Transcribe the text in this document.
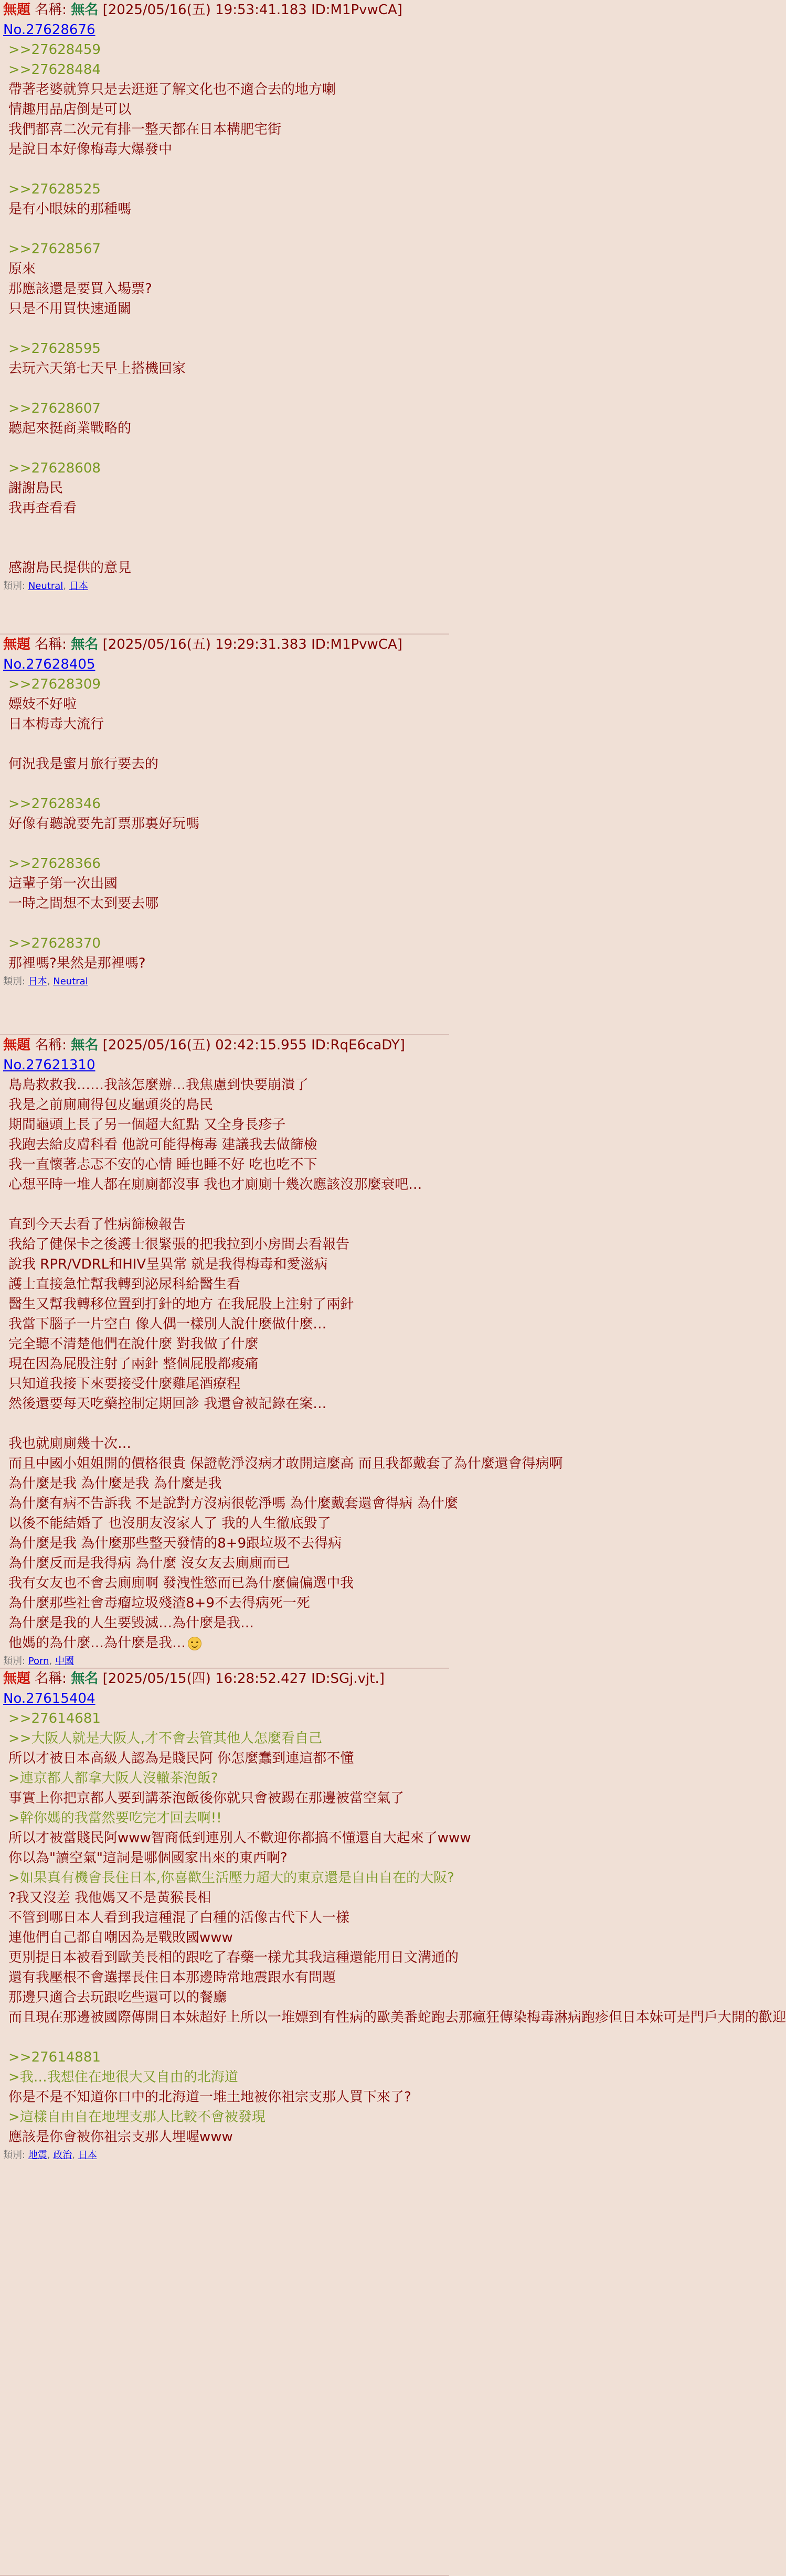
無題 名稱: 無名 [2025/05/16(五) 19:53:41.183 ID:M1PvwCA]
No.27628676
>>27628459
>>27628484
帶著老婆就算只是去逛逛了解文化也不適合去的地方喇
情趣用品店倒是可以
我們都喜二次元有排一整天都在日本構肥宅街
是說日本好像梅毒大爆發中
>>27628525
是有小眼妹的那種嗎
>>27628567
原來
那應該還是要買入場票?
只是不用買快速通關
>>27628595
去玩六天第七天早上搭機回家
>>27628607
聽起來挺商業戰略的
>>27628608
謝謝島民
我再查看看
感謝島民提供的意見
類別: Neutral, 日本
無題 名稱: 無名 [2025/05/16(五) 19:29:31.383 ID:M1PvwCA]
No.27628405
>>27628309
嫖妓不好啦
日本梅毒大流行
何況我是蜜月旅行要去的
>>27628346
好像有聽說要先訂票那裏好玩嗎
>>27628366
這輩子第一次出國
一時之間想不太到要去哪
>>27628370
那裡嗎?果然是那裡嗎?
類別: 日本, Neutral
無題 名稱: 無名 [2025/05/16(五) 02:42:15.955 ID:RqE6caDY]
No.27621310
島島救救我……我該怎麼辦…我焦慮到快要崩潰了
我是之前廁廁得包皮龜頭炎的島民
期間龜頭上長了另一個超大紅點 又全身長疹子
我跑去給皮膚科看 他說可能得梅毒 建議我去做篩檢
我一直懷著忐忑不安的心情 睡也睡不好 吃也吃不下
心想平時一堆人都在廁廁都沒事 我也才廁廁十幾次應該沒那麼衰吧…
直到今天去看了性病篩檢報告
我給了健保卡之後護士很緊張的把我拉到小房間去看報告
說我 RPR/VDRL和HIV呈異常 就是我得梅毒和愛滋病
護士直接急忙幫我轉到泌尿科給醫生看
醫生又幫我轉移位置到打針的地方 在我屁股上注射了兩針
我當下腦子一片空白 像人偶一樣別人說什麼做什麼…
完全聽不清楚他們在說什麼 對我做了什麼
現在因為屁股注射了兩針 整個屁股都痠痛
只知道我接下來要接受什麼雞尾酒療程
然後還要每天吃藥控制定期回診 我還會被記錄在案…
我也就廁廁幾十次…
而且中國小姐姐開的價格很貴 保證乾淨沒病才敢開這麼高 而且我都戴套了為什麼還會得病啊
為什麼是我 為什麼是我 為什麼是我
為什麼有病不告訴我 不是說對方沒病很乾淨嗎 為什麼戴套還會得病 為什麼
以後不能結婚了 也沒朋友沒家人了 我的人生徹底毀了
為什麼是我 為什麼那些整天發情的8+9跟垃圾不去得病
為什麼反而是我得病 為什麼 沒女友去廁廁而已
我有女友也不會去廁廁啊 發洩性慾而已為什麼偏偏選中我
為什麼那些社會毒瘤垃圾殘渣8+9不去得病死一死
為什麼是我的人生要毀滅…為什麼是我…
他媽的為什麼…為什麼是我…
類別: Porn, 中國
無題 名稱: 無名 [2025/05/15(四) 16:28:52.427 ID:SGj.vjt.]
No.27615404
>>27614681
>>大阪人就是大阪人,才不會去管其他人怎麼看自己
所以才被日本高級人認為是賤民阿 你怎麼蠢到連這都不懂
>連京都人都拿大阪人沒轍茶泡飯?
事實上你把京都人要到講茶泡飯後你就只會被踢在那邊被當空氣了
>幹你媽的我當然要吃完才回去啊!!
所以才被當賤民阿www智商低到連別人不歡迎你都搞不懂還自大起來了www
你以為"讀空氣"這詞是哪個國家出來的東西啊?
>如果真有機會長住日本,你喜歡生活壓力超大的東京還是自由自在的大阪?
?我又沒差 我他媽又不是黃猴長相
不管到哪日本人看到我這種混了白種的活像古代下人一樣
連他們自己都自嘲因為是戰敗國www
更別提日本被看到歐美長相的跟吃了春藥一樣尤其我這種還能用日文溝通的
還有我壓根不會選擇長住日本那邊時常地震跟水有問題
那邊只適合去玩跟吃些還可以的餐廳
而且現在那邊被國際傳開日本妹超好上所以一堆嫖到有性病的歐美番蛇跑去那瘋狂傳染梅毒淋病跑疹但日本妹可是門戶大開的歡迎
>>27614881
>我…我想住在地很大又自由的北海道
你是不是不知道你口中的北海道一堆土地被你祖宗支那人買下來了?
>這樣自由自在地埋支那人比較不會被發現
應該是你會被你祖宗支那人埋喔www
類別: 地震, 政治, 日本
